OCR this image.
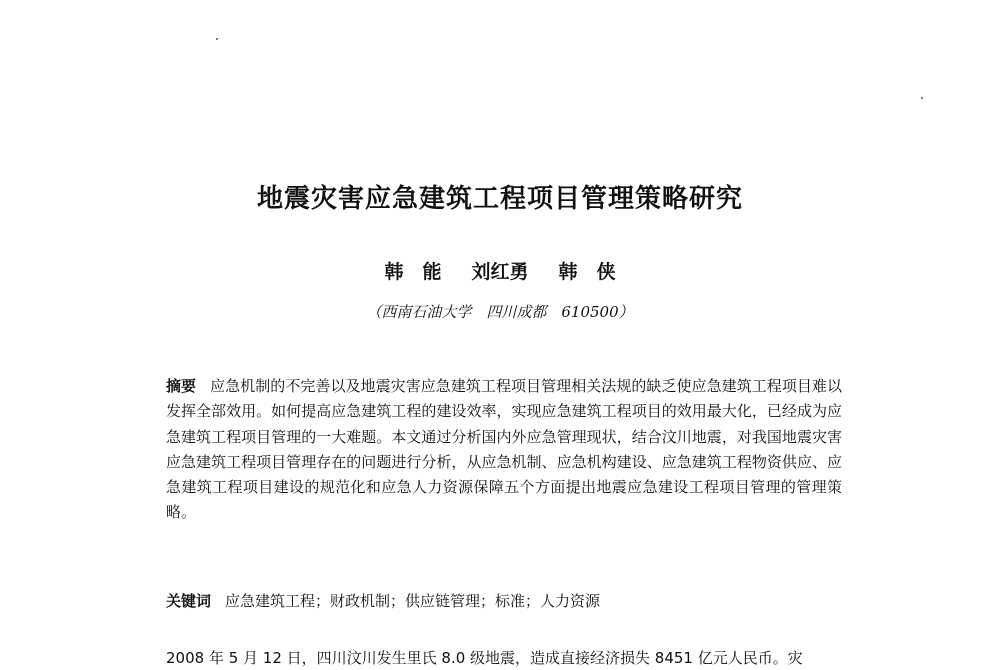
地震灾害应急建筑工程项目管理策略研究
韩　能 刘红勇 韩　侠
（西南石油大学　四川成都　610500）
摘要 应急机制的不完善以及地震灾害应急建筑工程项目管理相关法规的缺乏使应急建筑工程项目难以发挥全部效用。如何提高应急建筑工程的建设效率，实现应急建筑工程项目的效用最大化，已经成为应急建筑工程项目管理的一大难题。本文通过分析国内外应急管理现状，结合汶川地震，对我国地震灾害应急建筑工程项目管理存在的问题进行分析，从应急机制、应急机构建设、应急建筑工程物资供应、应急建筑工程项目建设的规范化和应急人力资源保障五个方面提出地震应急建设工程项目管理的管理策略。
关键词 应急建筑工程；财政机制；供应链管理；标准；人力资源
2008 年 5 月 12 日，四川汶川发生里氏 8.0 级地震，造成直接经济损失 8451 亿元人民币。灾
